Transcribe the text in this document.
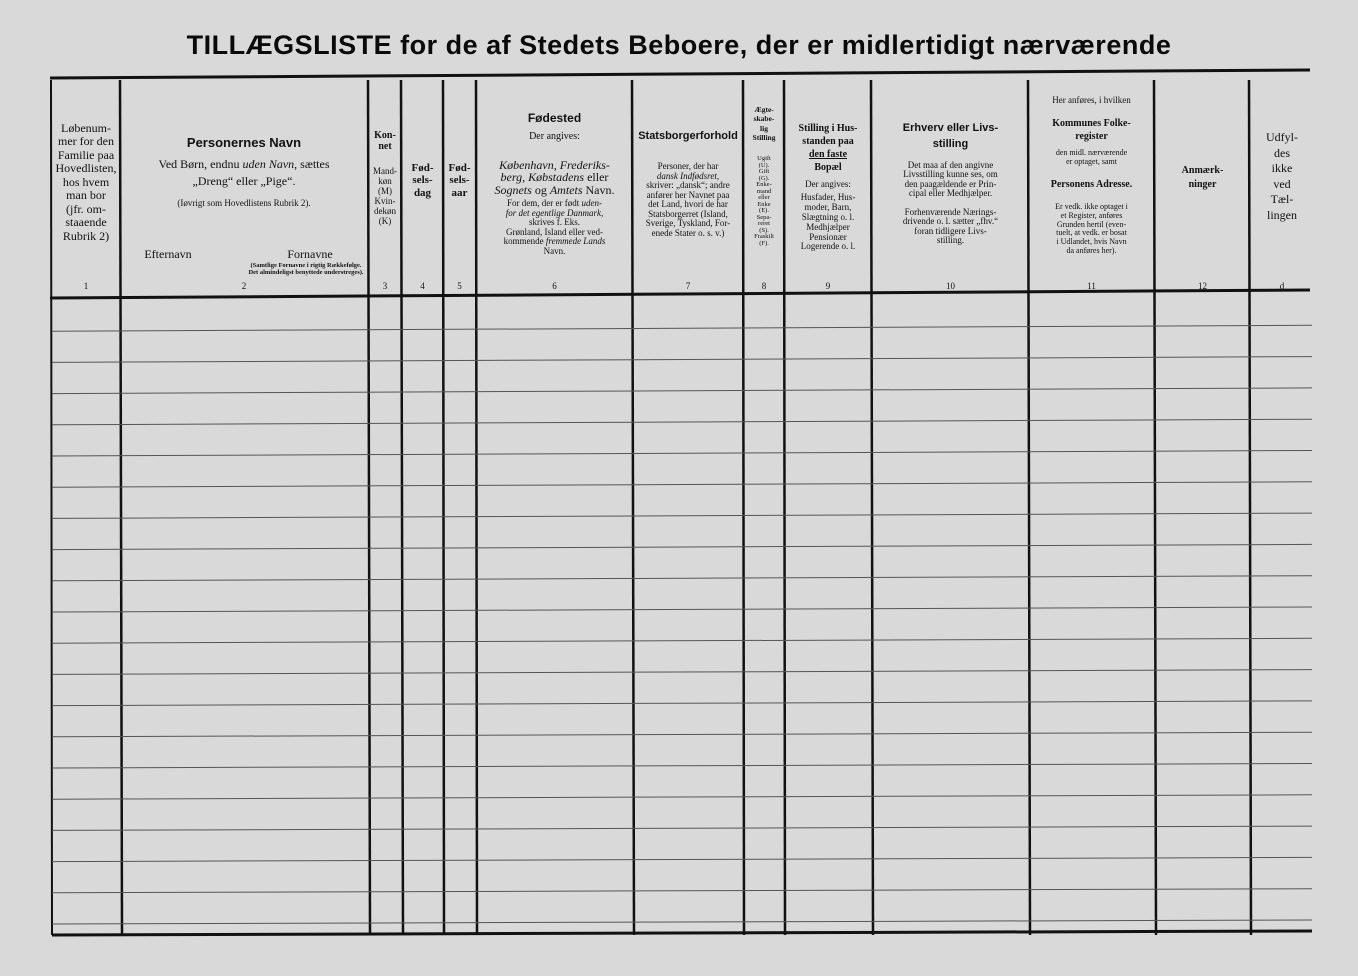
TILLÆGSLISTE for de af Stedets Beboere, der er midlertidigt nærværende
Løbenum-
mer for den
Familie paa
Hovedlisten,
hos hvem
man bor
(jfr. om-
staaende
Rubrik 2)
1
Personernes Navn
Ved Børn, endnu uden Navn, sættes
„Dreng“ eller „Pige“.
(Iøvrigt som Hovedlistens Rubrik 2).
Efternavn	Fornavne
(Samtlige Fornavne i rigtig Rækkefølge. Det almindeligst benyttede understreges).
2
Kon-
net
Mand-
køn
(M)
Kvin-
dekøn
(K)
3
Fød-
sels-
dag
4
Fød-
sels-
aar
5
Fødested
Der angives:

København, Frederiks-
berg, Købstadens eller
Sognets og Amtets Navn.

For dem, der er født uden-
for det egentlige Danmark,
skrives f. Eks.
Grønland, Island eller ved-
kommende fremmede Lands
Navn.

6
Statsborgerforhold

Personer, der har
dansk Indfødsret,
skriver: „dansk“; andre
anfører her Navnet paa
det Land, hvori de har
Statsborgerret (Island,
Sverige, Tyskland, For-
enede Stater o. s. v.)

7
Ægte-
skabe-
lig
Stilling
Ugift
(U).
Gift
(G).
Enke-
mand
eller
Enke
(E).
Sepa-
reret
(S).
Fraskilt
(F).
8

Stilling i Hus-
standen paa
den faste
Bopæl

Der angives:
Husfader, Hus-
moder, Barn,
Slægtning o. l.
Medhjælper
Pensionær
Logerende o. l.
9
Erhverv eller Livs-
stilling
Det maa af den angivne
Livsstilling kunne ses, om
den paagældende er Prin-
cipal eller Medhjælper.
Forhenværende Nærings-
drivende o. l. sætter „fhv.“
foran tidligere Livs-
stilling.
10
Her anføres, i hvilken
Kommunes Folke-
register
den midl. nærværende
er optaget, samt
Personens Adresse.
Er vedk. ikke optaget i
et Register, anføres
Grunden hertil (even-
tuelt, at vedk. er bosat
i Udlandet, hvis Navn
da anføres her).
11
Anmærk-
ninger
12
Udfyl-
des
ikke
ved
Tæl-
lingen
d
